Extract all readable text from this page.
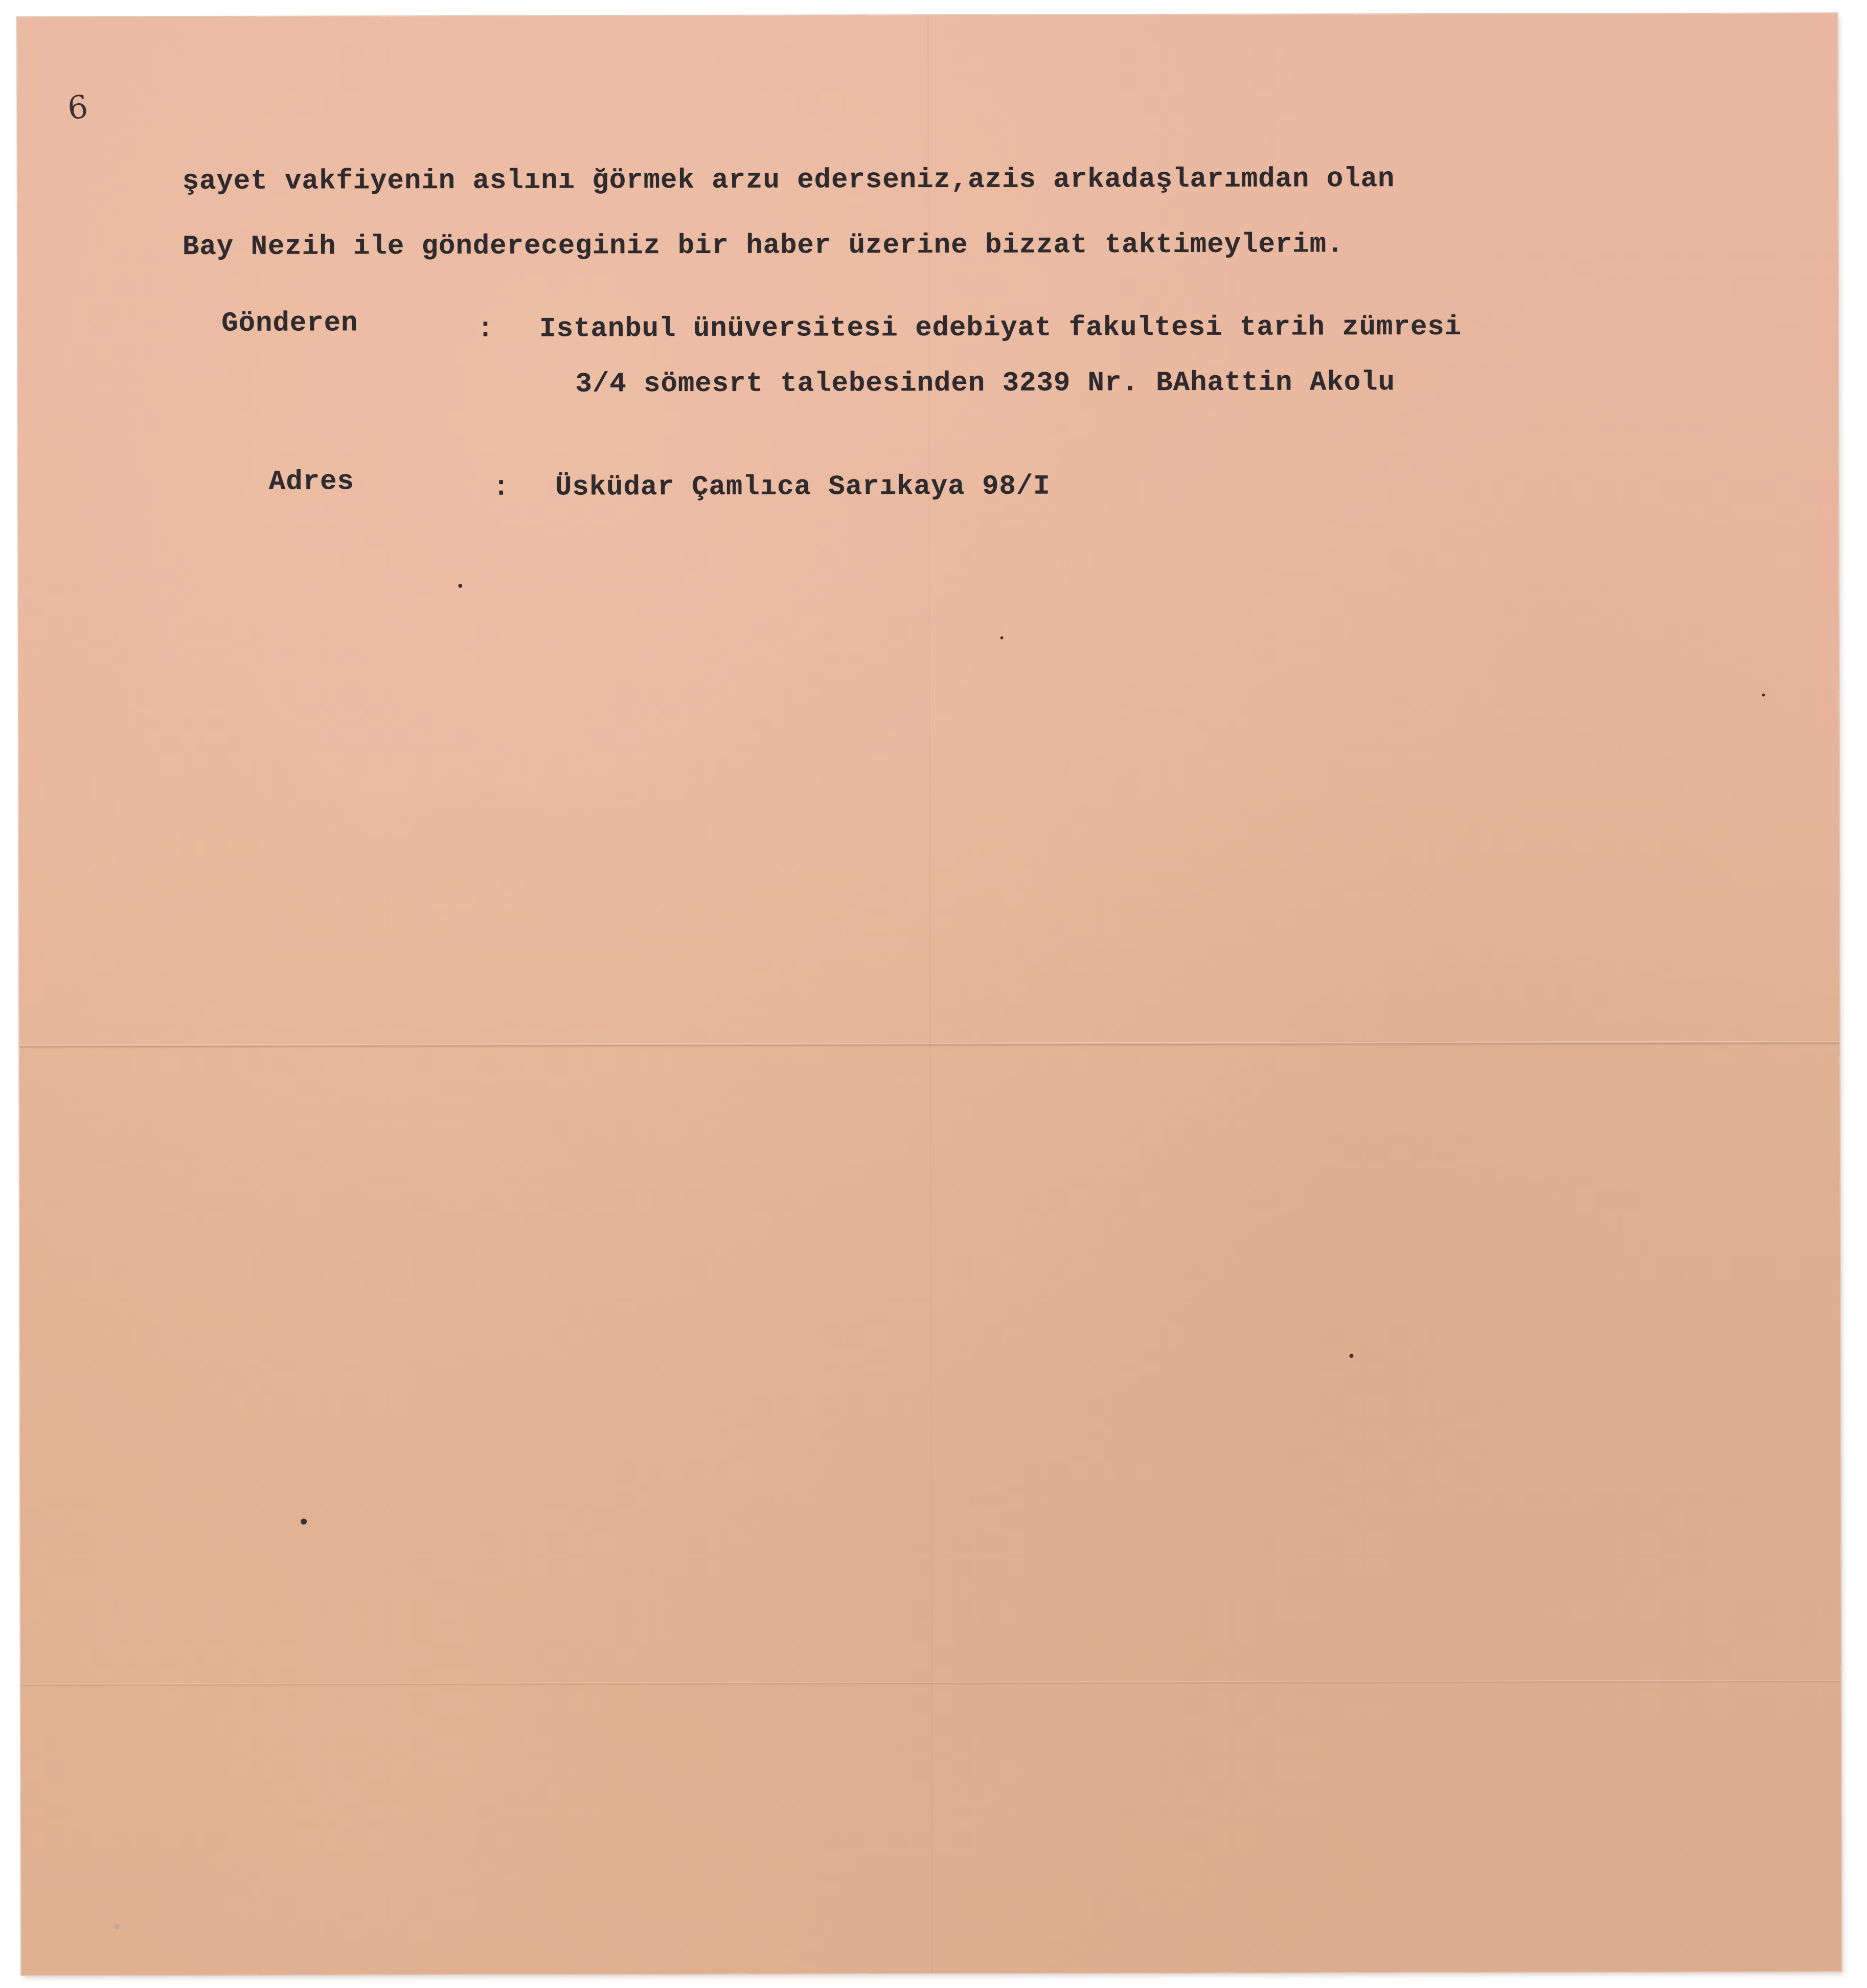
6
şayet vakfiyenin aslını ğörmek arzu ederseniz,azis arkadaşlarımdan olan
Bay Nezih ile göndereceginiz bir haber üzerine bizzat taktimeylerim.
Gönderen	: Istanbul ünüversitesi edebiyat fakultesi tarih zümresi
3/4 sömesrt talebesinden 3239 Nr. BAhattin Akolu
Adres	: Üsküdar Çamlıca Sarıkaya 98/I
